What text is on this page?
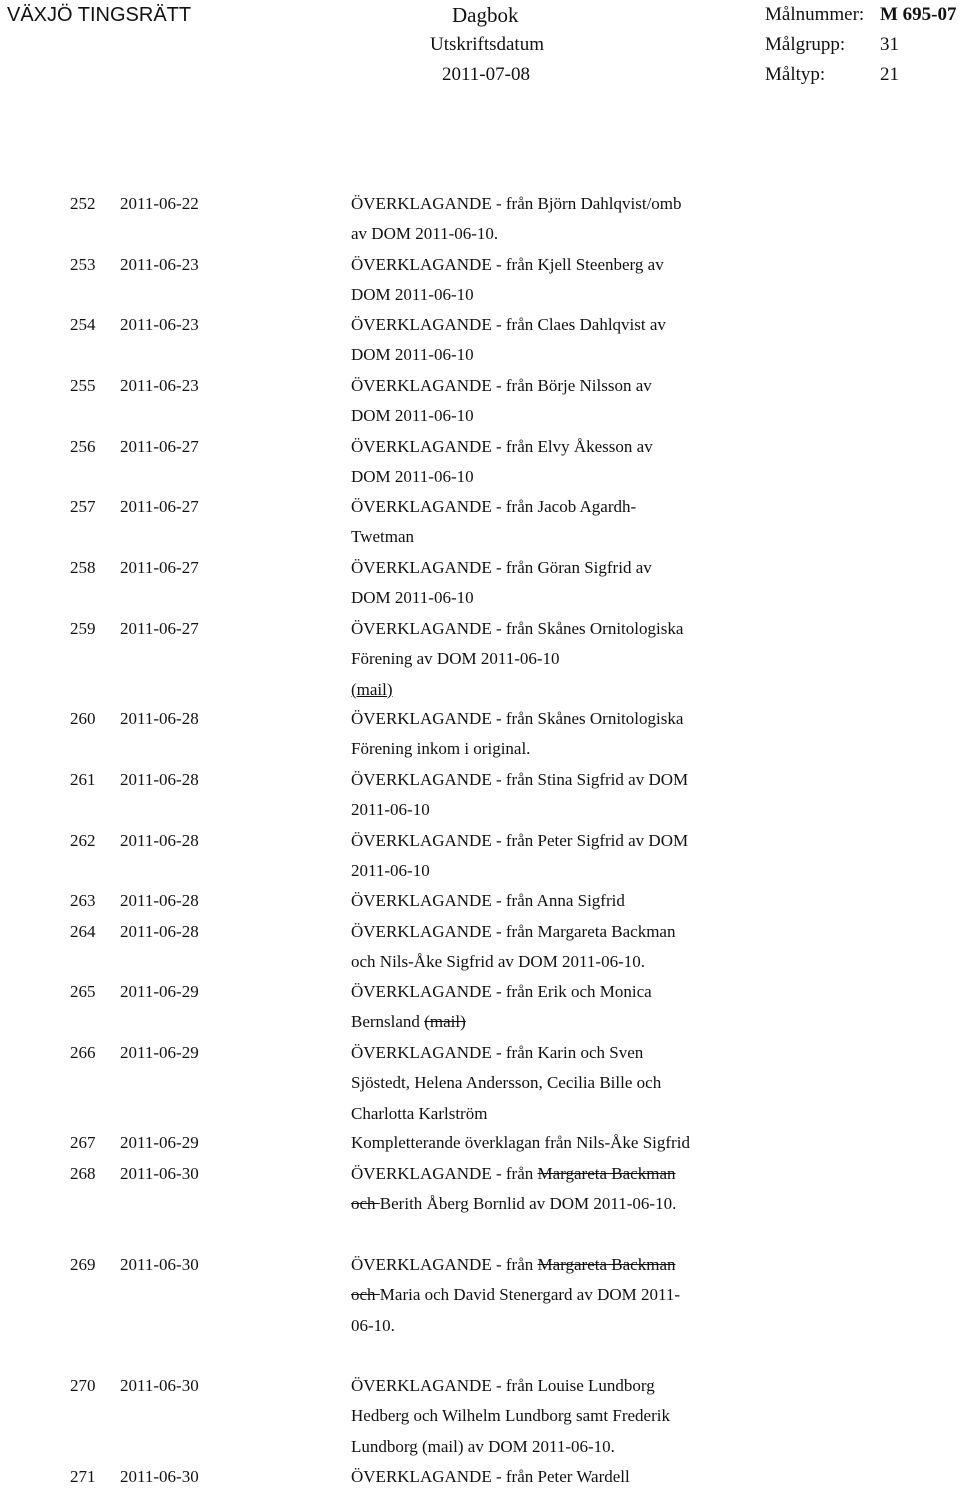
VÄXJÖ TINGSRÄTT	Dagbok
Utskriftsdatum
2011-07-08
Målnummer: M 695-07
Målgrupp: 31
Måltyp:	21
252 2011-06-22	ÖVERKLAGANDE - från Björn Dahlqvist/omb
av DOM 2011-06-10.
253 2011-06-23	ÖVERKLAGANDE - från Kjell Steenberg av
DOM 2011-06-10
254 2011-06-23	ÖVERKLAGANDE - från Claes Dahlqvist av
DOM 2011-06-10
255 2011-06-23	ÖVERKLAGANDE - från Börje Nilsson av
DOM 2011-06-10
256 2011-06-27	ÖVERKLAGANDE - från Elvy Åkesson av
DOM 2011-06-10
257 2011-06-27	ÖVERKLAGANDE - från Jacob Agardh-
Twetman
258 2011-06-27	ÖVERKLAGANDE - från Göran Sigfrid av
DOM 2011-06-10
259 2011-06-27	ÖVERKLAGANDE - från Skånes Ornitologiska
Förening av DOM 2011-06-10
(mail)
260 2011-06-28	ÖVERKLAGANDE - från Skånes Ornitologiska
Förening inkom i original.
261 2011-06-28	ÖVERKLAGANDE - från Stina Sigfrid av DOM
2011-06-10
262 2011-06-28	ÖVERKLAGANDE - från Peter Sigfrid av DOM
2011-06-10
263 2011-06-28	ÖVERKLAGANDE - från Anna Sigfrid
264 2011-06-28	ÖVERKLAGANDE - från Margareta Backman
och Nils-Åke Sigfrid av DOM 2011-06-10.
265 2011-06-29	ÖVERKLAGANDE - från Erik och Monica
Bernsland (mail)
266 2011-06-29	ÖVERKLAGANDE - från Karin och Sven
Sjöstedt, Helena Andersson, Cecilia Bille och
Charlotta Karlström
267 2011-06-29	Kompletterande överklagan från Nils-Åke Sigfrid
268 2011-06-30	ÖVERKLAGANDE - från Margareta Backman
och Berith Åberg Bornlid av DOM 2011-06-10.
269 2011-06-30	ÖVERKLAGANDE - från Margareta Backman
och Maria och David Stenergard av DOM 2011-
06-10.
270 2011-06-30	ÖVERKLAGANDE - från Louise Lundborg
Hedberg och Wilhelm Lundborg samt Frederik
Lundborg (mail) av DOM 2011-06-10.
271 2011-06-30	ÖVERKLAGANDE - från Peter Wardell
